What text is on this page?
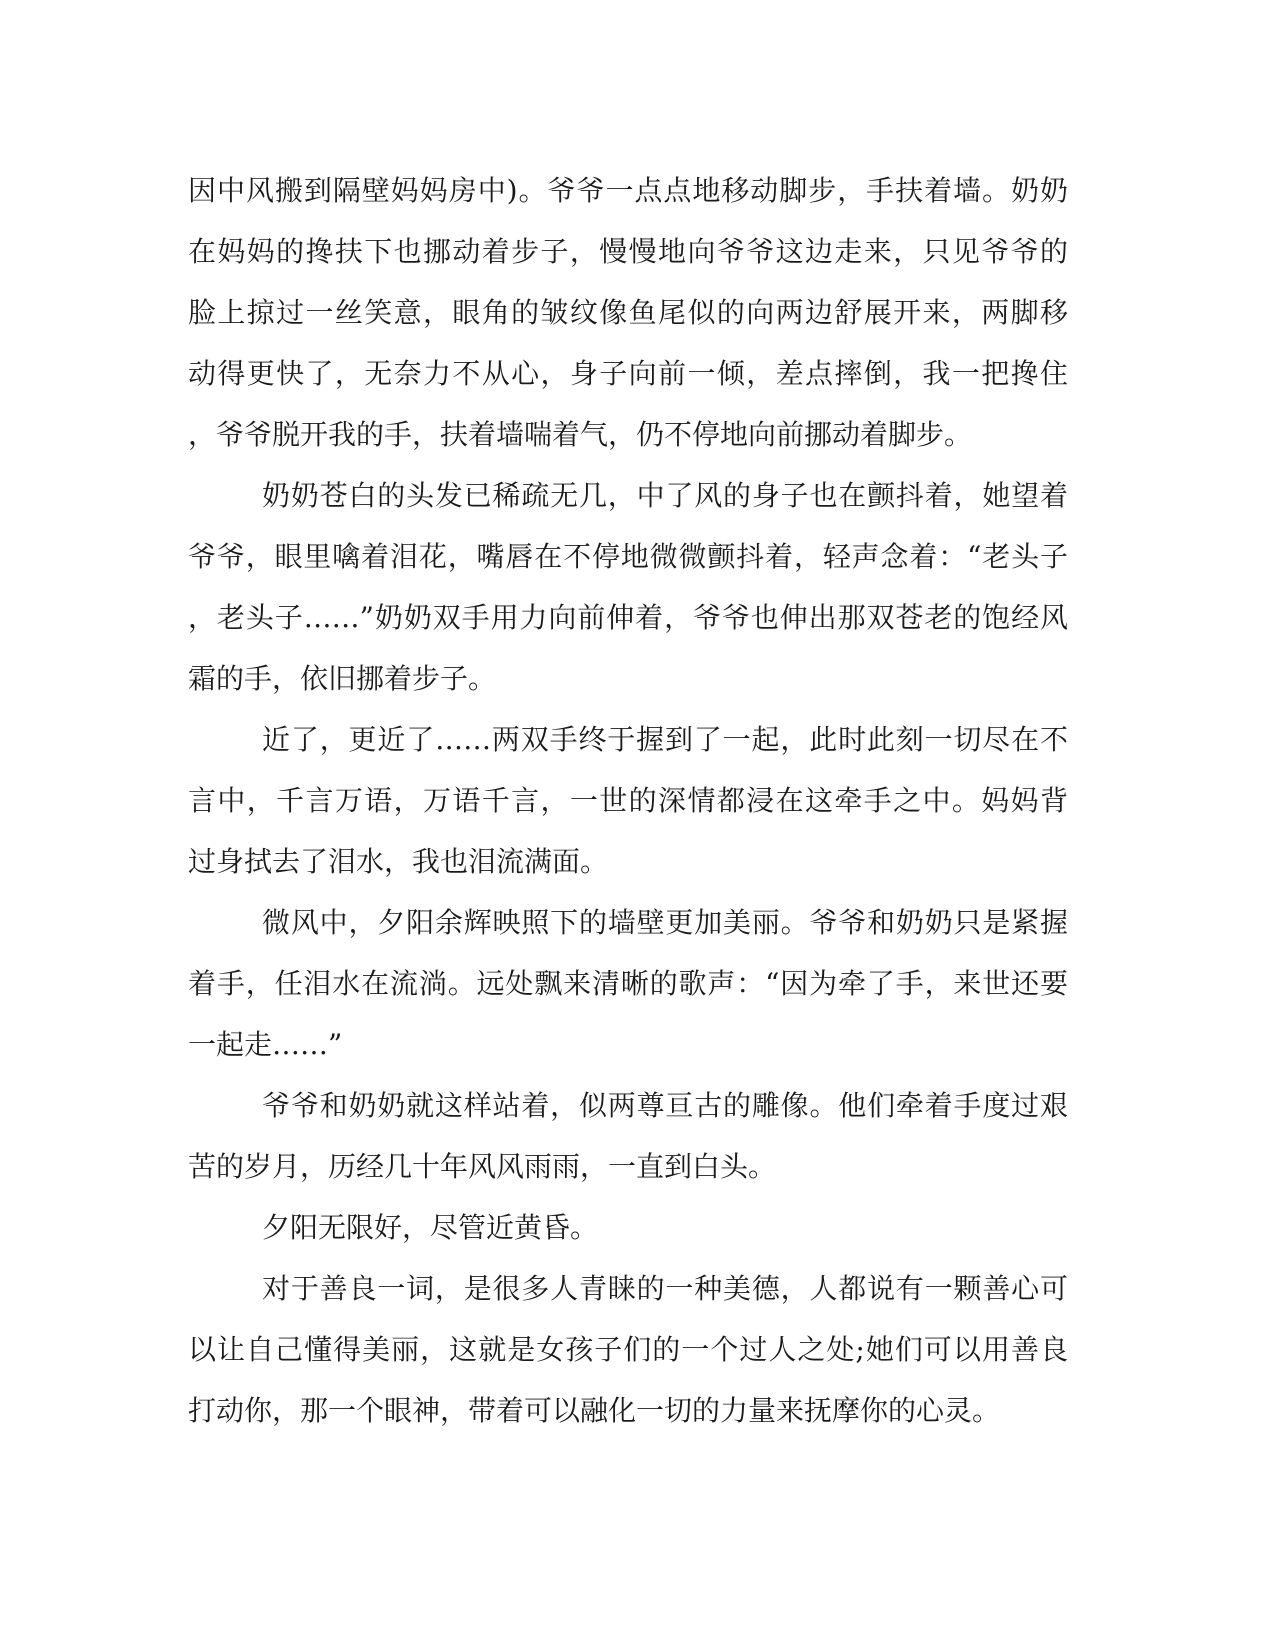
因中风搬到隔壁妈妈房中)。爷爷一点点地移动脚步，手扶着墙。奶奶
在妈妈的搀扶下也挪动着步子，慢慢地向爷爷这边走来，只见爷爷的
脸上掠过一丝笑意，眼角的皱纹像鱼尾似的向两边舒展开来，两脚移
动得更快了，无奈力不从心，身子向前一倾，差点摔倒，我一把搀住
，爷爷脱开我的手，扶着墙喘着气，仍不停地向前挪动着脚步。
奶奶苍白的头发已稀疏无几，中了风的身子也在颤抖着，她望着
爷爷，眼里噙着泪花，嘴唇在不停地微微颤抖着，轻声念着：“老头子
，老头子……”奶奶双手用力向前伸着，爷爷也伸出那双苍老的饱经风
霜的手，依旧挪着步子。
近了，更近了……两双手终于握到了一起，此时此刻一切尽在不
言中，千言万语，万语千言，一世的深情都浸在这牵手之中。妈妈背
过身拭去了泪水，我也泪流满面。
微风中，夕阳余辉映照下的墙壁更加美丽。爷爷和奶奶只是紧握
着手，任泪水在流淌。远处飘来清晰的歌声：“因为牵了手，来世还要
一起走……”
爷爷和奶奶就这样站着，似两尊亘古的雕像。他们牵着手度过艰
苦的岁月，历经几十年风风雨雨，一直到白头。
夕阳无限好，尽管近黄昏。
对于善良一词，是很多人青睐的一种美德，人都说有一颗善心可
以让自己懂得美丽，这就是女孩子们的一个过人之处;她们可以用善良
打动你，那一个眼神，带着可以融化一切的力量来抚摩你的心灵。
